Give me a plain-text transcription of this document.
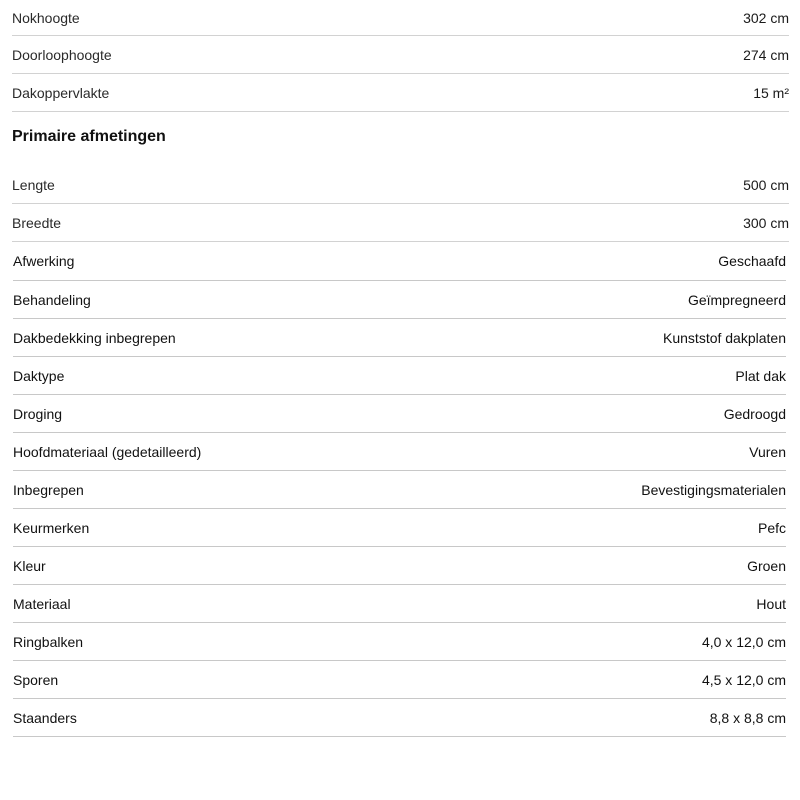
Nokhoogte	302 cm
Doorloophoogte	274 cm
Dakoppervlakte	15 m²
Primaire afmetingen
Lengte	500 cm
Breedte	300 cm
Afwerking	Geschaafd
Behandeling	Geïmpregneerd
Dakbedekking inbegrepen	Kunststof dakplaten
Daktype	Plat dak
Droging	Gedroogd
Hoofdmateriaal (gedetailleerd)	Vuren
Inbegrepen	Bevestigingsmaterialen
Keurmerken	Pefc
Kleur	Groen
Materiaal	Hout
Ringbalken	4,0 x 12,0 cm
Sporen	4,5 x 12,0 cm
Staanders	8,8 x 8,8 cm
